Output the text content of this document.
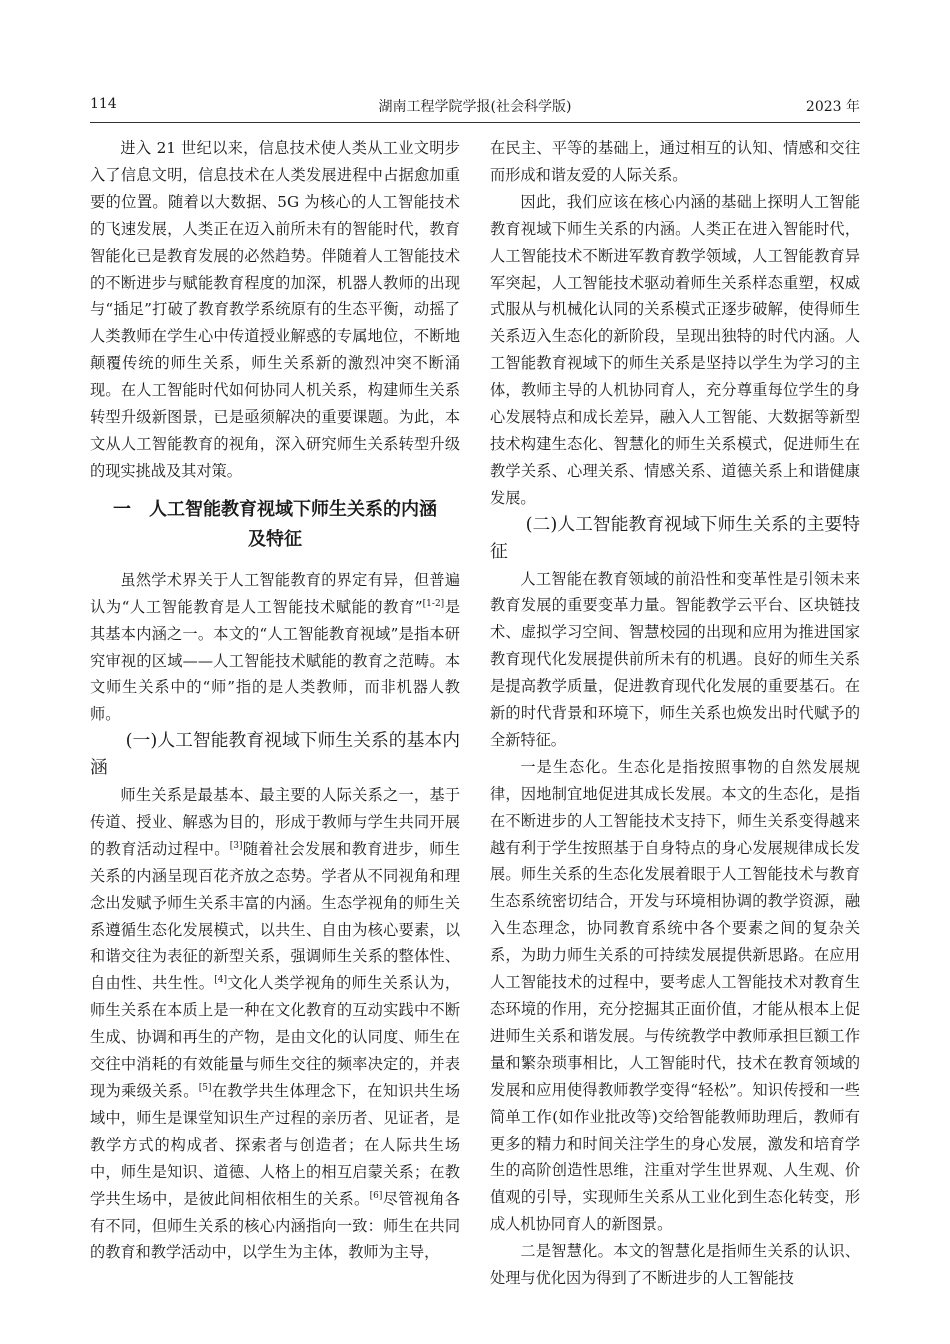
114	湖南工程学院学报(社会科学版)	2023 年

进入 21 世纪以来，信息技术使人类从工业文明步入了信息文明，信息技术在人类发展进程中占据愈加重要的位置。随着以大数据、5G 为核心的人工智能技术的飞速发展，人类正在迈入前所未有的智能时代，教育智能化已是教育发展的必然趋势。伴随着人工智能技术的不断进步与赋能教育程度的加深，机器人教师的出现与“插足”打破了教育教学系统原有的生态平衡，动摇了人类教师在学生心中传道授业解惑的专属地位，不断地颠覆传统的师生关系，师生关系新的激烈冲突不断涌现。在人工智能时代如何协同人机关系，构建师生关系转型升级新图景，已是亟须解决的重要课题。为此，本文从人工智能教育的视角，深入研究师生关系转型升级的现实挑战及其对策。

一　人工智能教育视域下师生关系的内涵
及特征

虽然学术界关于人工智能教育的界定有异，但普遍认为“人工智能教育是人工智能技术赋能的教育”[1-2]是其基本内涵之一。本文的“人工智能教育视域”是指本研究审视的区域——人工智能技术赋能的教育之范畴。本文师生关系中的“师”指的是人类教师，而非机器人教师。

(一)人工智能教育视域下师生关系的基本内涵

师生关系是最基本、最主要的人际关系之一，基于传道、授业、解惑为目的，形成于教师与学生共同开展的教育活动过程中。[3]随着社会发展和教育进步，师生关系的内涵呈现百花齐放之态势。学者从不同视角和理念出发赋予师生关系丰富的内涵。生态学视角的师生关系遵循生态化发展模式，以共生、自由为核心要素，以和谐交往为表征的新型关系，强调师生关系的整体性、自由性、共生性。[4]文化人类学视角的师生关系认为，师生关系在本质上是一种在文化教育的互动实践中不断生成、协调和再生的产物，是由文化的认同度、师生在交往中消耗的有效能量与师生交往的频率决定的，并表现为乘级关系。[5]在教学共生体理念下，在知识共生场域中，师生是课堂知识生产过程的亲历者、见证者，是教学方式的构成者、探索者与创造者；在人际共生场中，师生是知识、道德、人格上的相互启蒙关系；在教学共生场中，是彼此间相依相生的关系。[6]尽管视角各有不同，但师生关系的核心内涵指向一致：师生在共同的教育和教学活动中，以学生为主体，教师为主导，

在民主、平等的基础上，通过相互的认知、情感和交往而形成和谐友爱的人际关系。

因此，我们应该在核心内涵的基础上探明人工智能教育视域下师生关系的内涵。人类正在进入智能时代，人工智能技术不断进军教育教学领域，人工智能教育异军突起，人工智能技术驱动着师生关系样态重塑，权威式服从与机械化认同的关系模式正逐步破解，使得师生关系迈入生态化的新阶段，呈现出独特的时代内涵。人工智能教育视域下的师生关系是坚持以学生为学习的主体，教师主导的人机协同育人，充分尊重每位学生的身心发展特点和成长差异，融入人工智能、大数据等新型技术构建生态化、智慧化的师生关系模式，促进师生在教学关系、心理关系、情感关系、道德关系上和谐健康发展。

(二)人工智能教育视域下师生关系的主要特征

人工智能在教育领域的前沿性和变革性是引领未来教育发展的重要变革力量。智能教学云平台、区块链技术、虚拟学习空间、智慧校园的出现和应用为推进国家教育现代化发展提供前所未有的机遇。良好的师生关系是提高教学质量，促进教育现代化发展的重要基石。在新的时代背景和环境下，师生关系也焕发出时代赋予的全新特征。

一是生态化。生态化是指按照事物的自然发展规律，因地制宜地促进其成长发展。本文的生态化，是指在不断进步的人工智能技术支持下，师生关系变得越来越有利于学生按照基于自身特点的身心发展规律成长发展。师生关系的生态化发展着眼于人工智能技术与教育生态系统密切结合，开发与环境相协调的教学资源，融入生态理念，协同教育系统中各个要素之间的复杂关系，为助力师生关系的可持续发展提供新思路。在应用人工智能技术的过程中，要考虑人工智能技术对教育生态环境的作用，充分挖掘其正面价值，才能从根本上促进师生关系和谐发展。与传统教学中教师承担巨额工作量和繁杂琐事相比，人工智能时代，技术在教育领域的发展和应用使得教师教学变得“轻松”。知识传授和一些简单工作(如作业批改等)交给智能教师助理后，教师有更多的精力和时间关注学生的身心发展，激发和培育学生的高阶创造性思维，注重对学生世界观、人生观、价值观的引导，实现师生关系从工业化到生态化转变，形成人机协同育人的新图景。

二是智慧化。本文的智慧化是指师生关系的认识、处理与优化因为得到了不断进步的人工智能技
